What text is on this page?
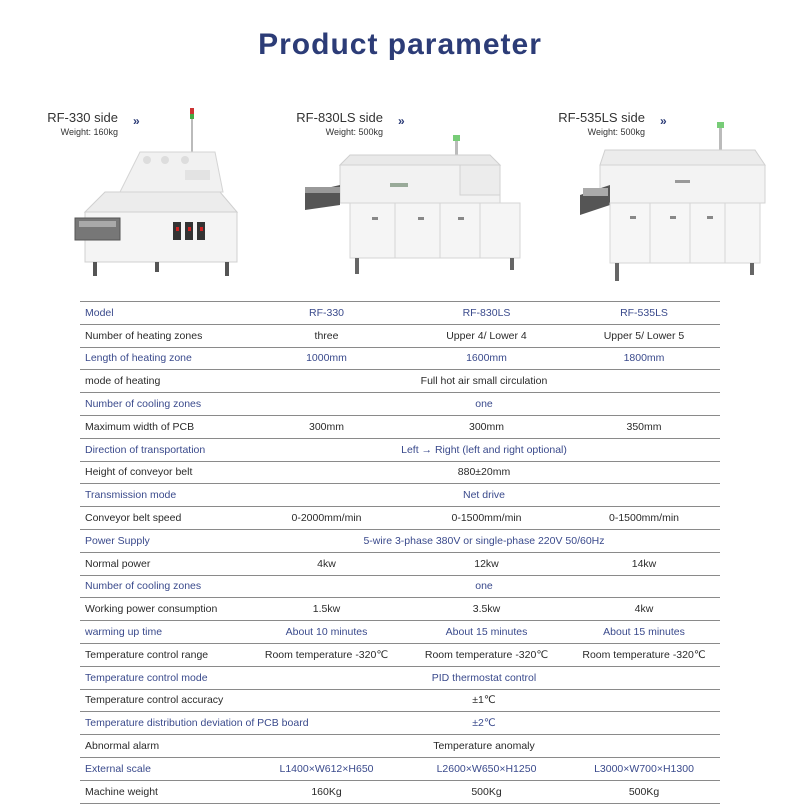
Product parameter
RF-330 side
Weight: 160kg
»	RF-830LS side
Weight: 500kg
»	RF-535LS side
Weight: 500kg
»
Model	RF-330	RF-830LS	RF-535LS
Number of heating zones	three	Upper 4/ Lower 4	Upper 5/ Lower 5
Length of heating zone	1000mm	1600mm	1800mm
mode of heating	Full hot air small circulation		
Number of cooling zones	one		
Maximum width of PCB	300mm	300mm	350mm
Direction of transportation	Left → Right (left and right optional)		
Height of conveyor belt	880±20mm		
Transmission mode	Net drive		
Conveyor belt speed	0-2000mm/min	0-1500mm/min	0-1500mm/min
Power Supply	5-wire 3-phase 380V or single-phase 220V 50/60Hz		
Normal power	4kw	12kw	14kw
Number of cooling zones	one		
Working power consumption	1.5kw	3.5kw	4kw
warming up time	About 10 minutes	About 15 minutes	About 15 minutes
Temperature control range	Room temperature -320℃	Room temperature -320℃	Room temperature -320℃
Temperature control mode	PID thermostat control		
Temperature control accuracy	±1℃		
Temperature distribution deviation of PCB board	±2℃		
Abnormal alarm	Temperature anomaly		
External scale	L1400×W612×H650	L2600×W650×H1250	L3000×W700×H1300
Machine weight	160Kg	500Kg	500Kg
